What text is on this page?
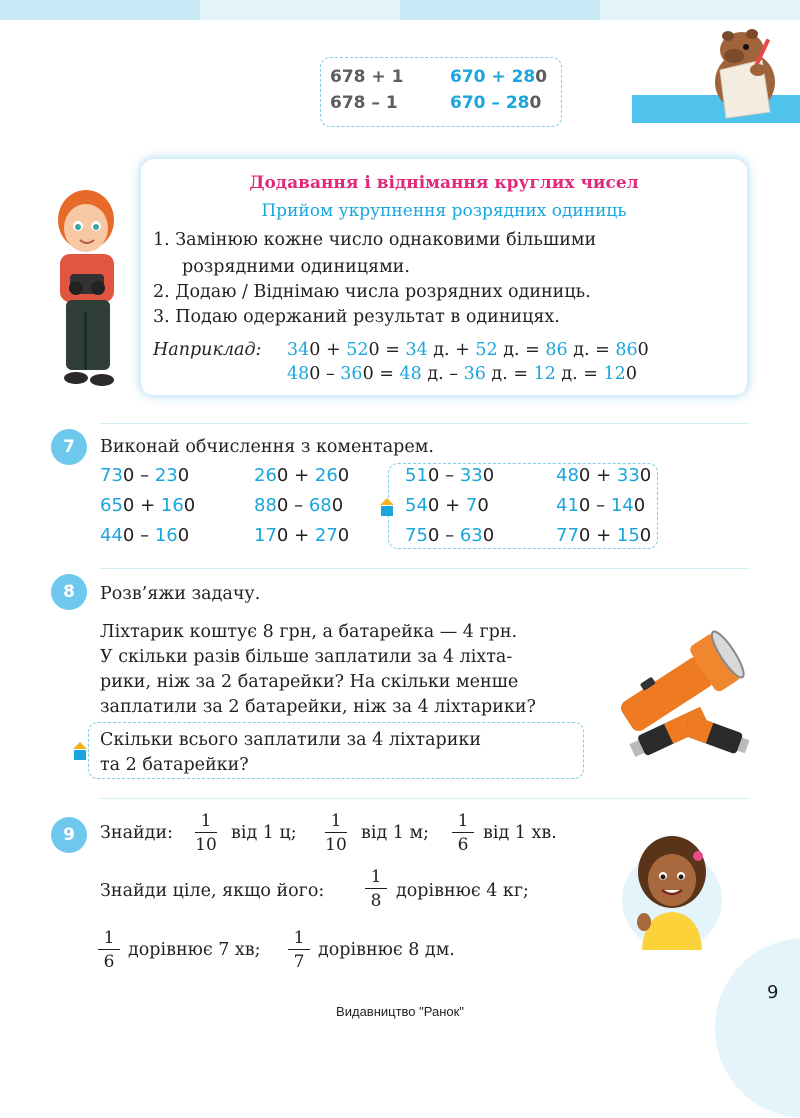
678 + 1	670 + 280
678 – 1	670 – 280
Додавання і віднімання круглих чисел
Прийом укрупнення розрядних одиниць
1. Замінюю кожне число однаковими більшими
розрядними одиницями.
2. Додаю / Віднімаю числа розрядних одиниць.
3. Подаю одержаний результат в одиницях.
Наприклад: 340 + 520 = 34 д. + 52 д. = 86 д. = 860
480 – 360 = 48 д. – 36 д. = 12 д. = 120
7	Виконай обчислення з коментарем.
730 – 230	260 + 260	510 – 330	480 + 330
650 + 160	880 – 680	540 + 70	410 – 140
440 – 160	170 + 270	750 – 630	770 + 150
8	Розв’яжи задачу.
Ліхтарик коштує 8 грн, а батарейка — 4 грн.
У скільки разів більше заплатили за 4 ліхта-
рики, ніж за 2 батарейки? На скільки менше
заплатили за 2 батарейки, ніж за 4 ліхтарики?
Скільки всього заплатили за 4 ліхтарики
та 2 батарейки?
9	Знайди:
1
10
від 1 ц;
1
10
від 1 м;
1
6
від 1 хв.
Знайди ціле, якщо його:
1
8 дорівнює 4 кг;
1
6
дорівнює 7 хв;
1
7
дорівнює 8 дм.
9
Видавництво "Ранок"
